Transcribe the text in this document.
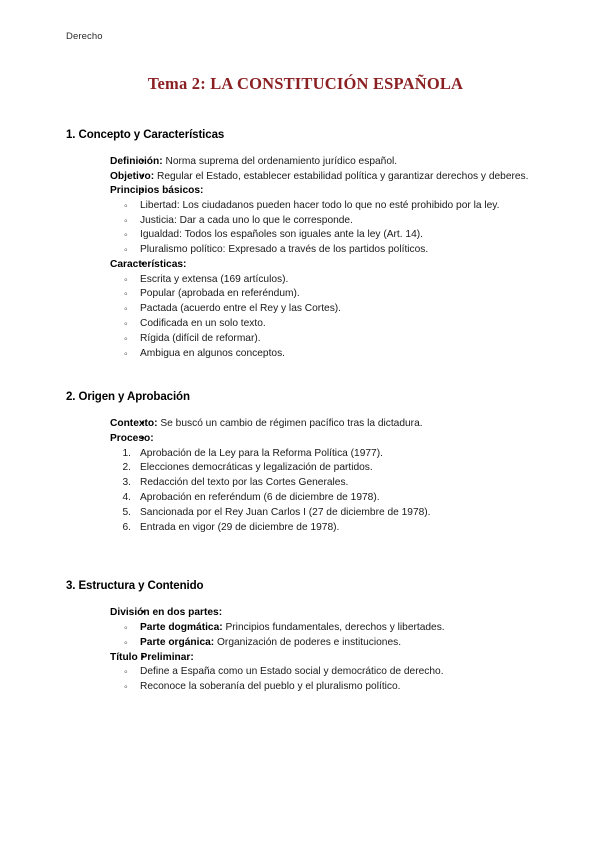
Derecho
Tema 2: LA CONSTITUCIÓN ESPAÑOLA
1. Concepto y Características
• Definición: Norma suprema del ordenamiento jurídico español.
• Objetivo: Regular el Estado, establecer estabilidad política y garantizar derechos y deberes.
• Principios básicos:
◦ Libertad: Los ciudadanos pueden hacer todo lo que no esté prohibido por la ley.
◦ Justicia: Dar a cada uno lo que le corresponde.
◦ Igualdad: Todos los españoles son iguales ante la ley (Art. 14).
◦ Pluralismo político: Expresado a través de los partidos políticos.
• Características:
◦ Escrita y extensa (169 artículos).
◦ Popular (aprobada en referéndum).
◦ Pactada (acuerdo entre el Rey y las Cortes).
◦ Codificada en un solo texto.
◦ Rígida (difícil de reformar).
◦ Ambigua en algunos conceptos.
2. Origen y Aprobación
• Contexto: Se buscó un cambio de régimen pacífico tras la dictadura.
• Proceso:
Aprobación de la Ley para la Reforma Política (1977).
Elecciones democráticas y legalización de partidos.
Redacción del texto por las Cortes Generales.
Aprobación en referéndum (6 de diciembre de 1978).
Sancionada por el Rey Juan Carlos I (27 de diciembre de 1978).
Entrada en vigor (29 de diciembre de 1978).
3. Estructura y Contenido
• División en dos partes:
◦ Parte dogmática: Principios fundamentales, derechos y libertades.
◦ Parte orgánica: Organización de poderes e instituciones.
• Título Preliminar:
◦ Define a España como un Estado social y democrático de derecho.
◦ Reconoce la soberanía del pueblo y el pluralismo político.
